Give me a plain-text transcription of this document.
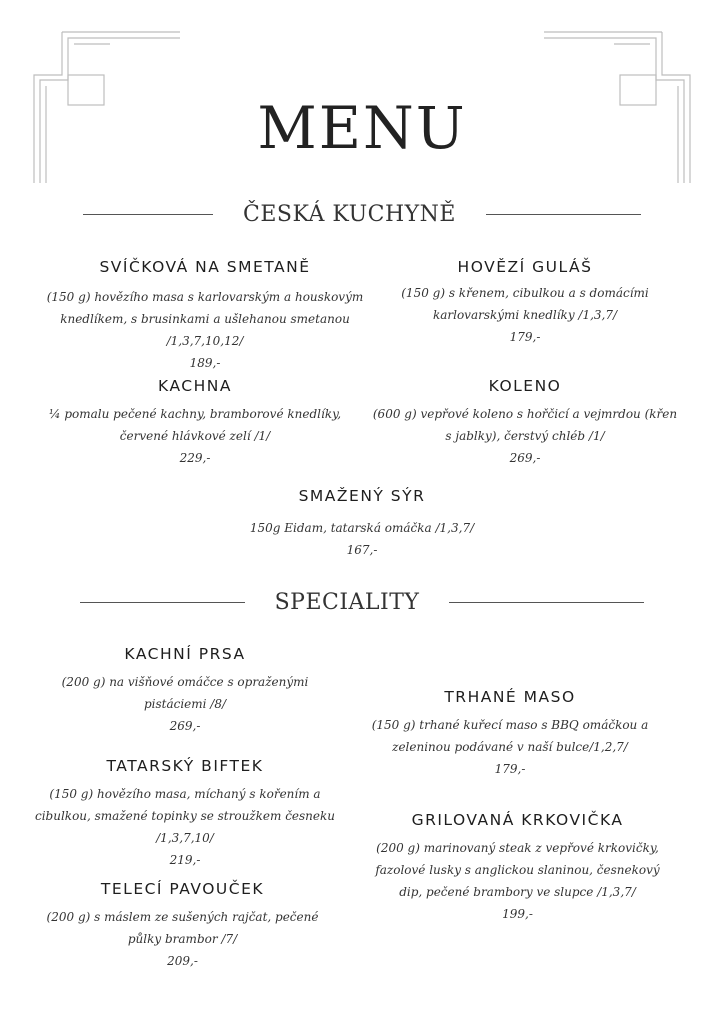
MENU
ČESKÁ KUCHYNĚ
SVÍČKOVÁ NA SMETANĚ
(150 g) hovězího masa s karlovarským a houskovým knedlíkem, s brusinkami a ušlehanou smetanou /1,3,7,10,12/
189,-
HOVĚZÍ GULÁŠ
(150 g) s křenem, cibulkou a s domácími karlovarskými knedlíky /1,3,7/
179,-
KACHNA
¼ pomalu pečené kachny, bramborové knedlíky, červené hlávkové zelí /1/
229,-
KOLENO
(600 g) vepřové koleno s hořčicí a vejmrdou (křen s jablky), čerstvý chléb /1/
269,-
SMAŽENÝ SÝR
150g Eidam, tatarská omáčka /1,3,7/
167,-
SPECIALITY
KACHNÍ PRSA
(200 g) na višňové omáčce s opraženými pistáciemi /8/
269,-
TRHANÉ MASO
(150 g) trhané kuřecí maso s BBQ omáčkou a zeleninou podávané v naší bulce/1,2,7/
179,-
TATARSKÝ BIFTEK
(150 g) hovězího masa, míchaný s kořením a cibulkou, smažené topinky se stroužkem česneku /1,3,7,10/
219,-
GRILOVANÁ KRKOVIČKA
(200 g) marinovaný steak z vepřové krkovičky, fazolové lusky s anglickou slaninou, česnekový dip, pečené brambory ve slupce /1,3,7/
199,-
TELECÍ PAVOUČEK
(200 g) s máslem ze sušených rajčat, pečené půlky brambor /7/
209,-
